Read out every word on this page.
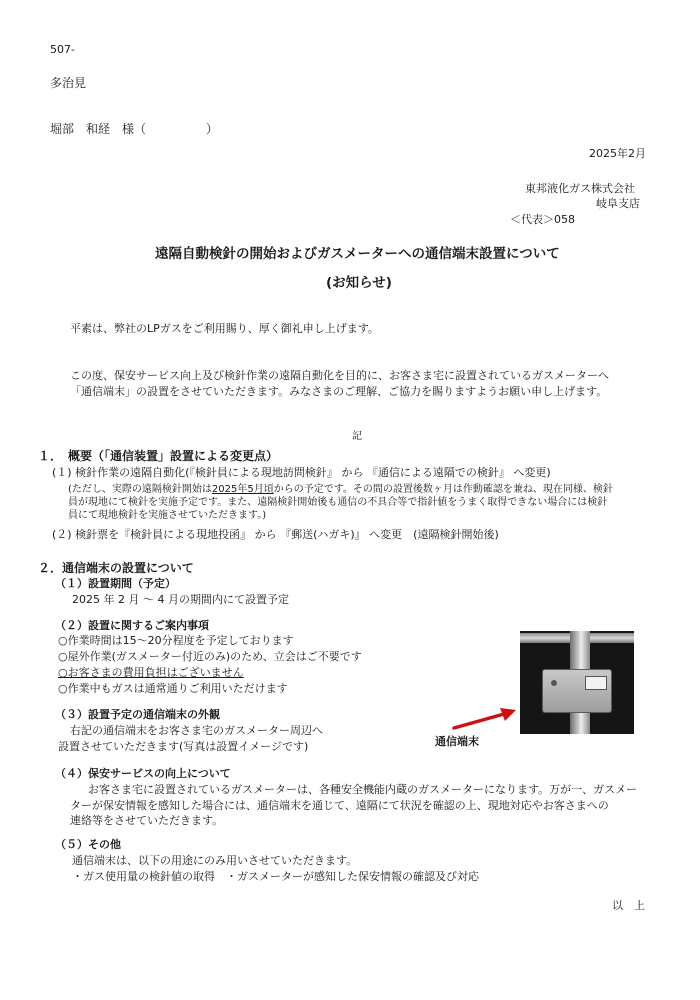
507-
多治見
堀部　和経　様（　　　　　）
2025年2月
東邦液化ガス株式会社
岐阜支店
＜代表＞058
遠隔自動検針の開始およびガスメーターへの通信端末設置について
(お知らせ)
平素は、弊社のLPガスをご利用賜り、厚く御礼申し上げます。
この度、保安サービス向上及び検針作業の遠隔自動化を目的に、お客さま宅に設置されているガスメーターへ
「通信端末」の設置をさせていただきます。みなさまのご理解、ご協力を賜りますようお願い申し上げます。
記
１．　概要（「通信装置」設置による変更点）
(１) 検針作業の遠隔自動化(『検針員による現地訪問検針』 から 『通信による遠隔での検針』 へ変更)
(ただし、実際の遠隔検針開始は2025年5月頃からの予定です。その間の設置後数ヶ月は作動確認を兼ね、現在同様、検針
員が現地にて検針を実施予定です。また、遠隔検針開始後も通信の不具合等で指針値をうまく取得できない場合には検針
員にて現地検針を実施させていただきます。)
(２) 検針票を『検針員による現地投函』 から 『郵送(ハガキ)』 へ変更　(遠隔検針開始後)
２．通信端末の設置について
（１）設置期間（予定）
2025 年 2 月 ～ 4 月の期間内にて設置予定
（２）設置に関するご案内事項
○作業時間は15～20分程度を予定しております
○屋外作業(ガスメーター付近のみ)のため、立会はご不要です
○お客さまの費用負担はございません
○作業中もガスは通常通りご利用いただけます
（３）設置予定の通信端末の外観
右記の通信端末をお客さま宅のガスメーター周辺へ
設置させていただきます(写真は設置イメージです)	通信端末
（４）保安サービスの向上について
お客さま宅に設置されているガスメーターは、各種安全機能内蔵のガスメーターになります。万が一、ガスメー
ターが保安情報を感知した場合には、通信端末を通じて、遠隔にて状況を確認の上、現地対応やお客さまへの
連絡等をさせていただきます。
（５）その他
通信端末は、以下の用途にのみ用いさせていただきます。
・ガス使用量の検針値の取得　・ガスメーターが感知した保安情報の確認及び対応
以　上
